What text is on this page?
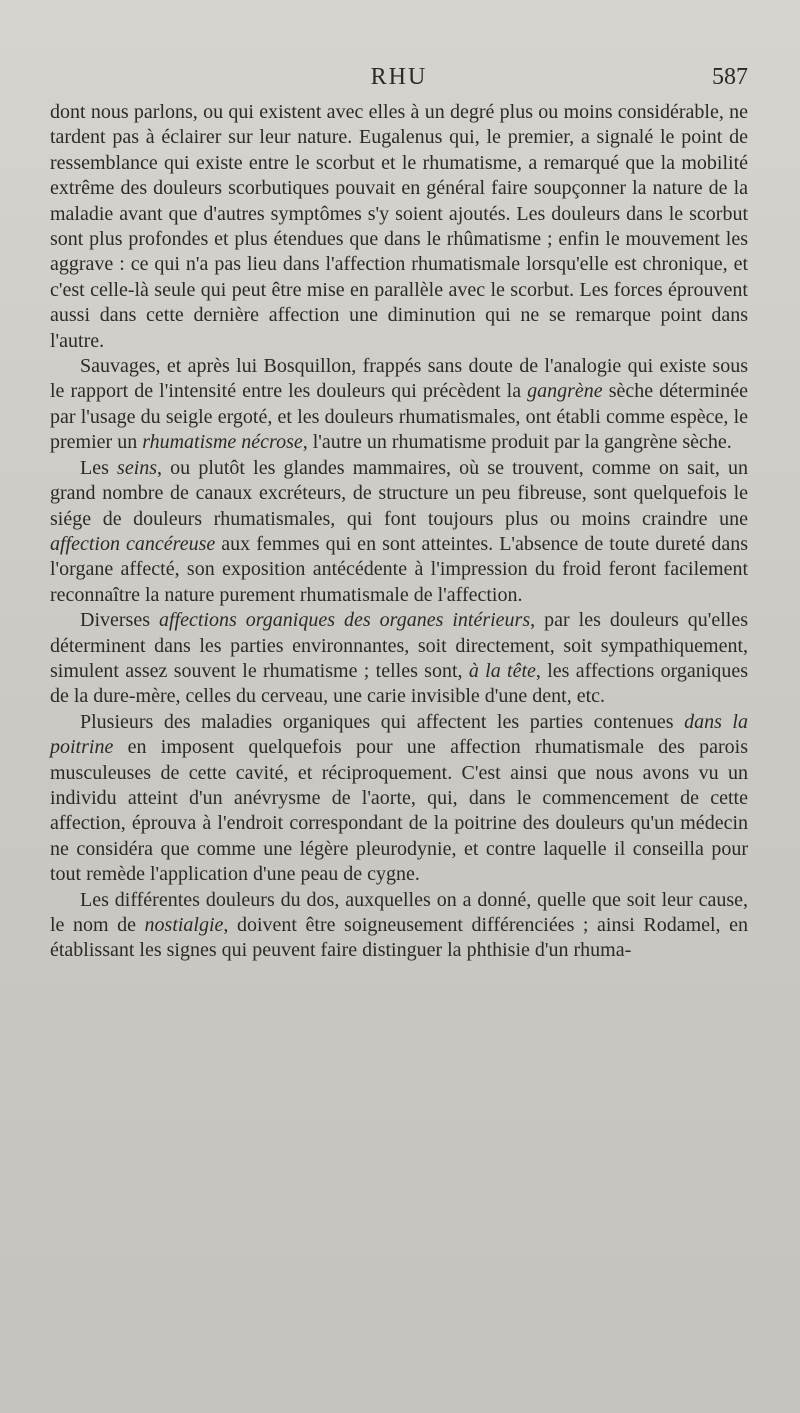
RHU	587

dont nous parlons, ou qui existent avec elles à un degré plus ou moins considérable, ne tardent pas à éclairer sur leur nature. Eugalenus qui, le premier, a signalé le point de ressemblance qui existe entre le scorbut et le rhumatisme, a remarqué que la mobilité extrême des douleurs scorbutiques pouvait en général faire soupçonner la nature de la maladie avant que d'autres symptômes s'y soient ajoutés. Les douleurs dans le scorbut sont plus profondes et plus étendues que dans le rhûmatisme ; enfin le mouvement les aggrave : ce qui n'a pas lieu dans l'affection rhumatismale lorsqu'elle est chronique, et c'est celle-là seule qui peut être mise en parallèle avec le scorbut. Les forces éprouvent aussi dans cette dernière affection une diminution qui ne se remarque point dans l'autre.

Sauvages, et après lui Bosquillon, frappés sans doute de l'analogie qui existe sous le rapport de l'intensité entre les douleurs qui précèdent la gangrène sèche déterminée par l'usage du seigle ergoté, et les douleurs rhumatismales, ont établi comme espèce, le premier un rhumatisme nécrose, l'autre un rhumatisme produit par la gangrène sèche.

Les seins, ou plutôt les glandes mammaires, où se trouvent, comme on sait, un grand nombre de canaux excréteurs, de structure un peu fibreuse, sont quelquefois le siége de douleurs rhumatismales, qui font toujours plus ou moins craindre une affection cancéreuse aux femmes qui en sont atteintes. L'absence de toute dureté dans l'organe affecté, son exposition antécédente à l'impression du froid feront facilement reconnaître la nature purement rhumatismale de l'affection.

Diverses affections organiques des organes intérieurs, par les douleurs qu'elles déterminent dans les parties environnantes, soit directement, soit sympathiquement, simulent assez souvent le rhumatisme ; telles sont, à la tête, les affections organiques de la dure-mère, celles du cerveau, une carie invisible d'une dent, etc.

Plusieurs des maladies organiques qui affectent les parties contenues dans la poitrine en imposent quelquefois pour une affection rhumatismale des parois musculeuses de cette cavité, et réciproquement. C'est ainsi que nous avons vu un individu atteint d'un anévrysme de l'aorte, qui, dans le commencement de cette affection, éprouva à l'endroit correspondant de la poitrine des douleurs qu'un médecin ne considéra que comme une légère pleurodynie, et contre laquelle il conseilla pour tout remède l'application d'une peau de cygne.

Les différentes douleurs du dos, auxquelles on a donné, quelle que soit leur cause, le nom de nostialgie, doivent être soigneusement différenciées ; ainsi Rodamel, en établissant les signes qui peuvent faire distinguer la phthisie d'un rhuma-
